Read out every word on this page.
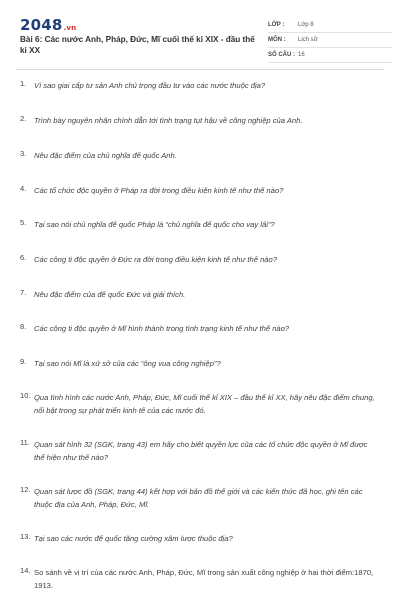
2048.vn
Bài 6: Các nước Anh, Pháp, Đức, Mĩ cuối thế kỉ XIX - đầu thế kỉ XX
LỚP :	Lớp 8
MÔN :	Lịch sử
SỐ CÂU : 16
1.	Vì sao giai cấp tư sản Anh chú trọng đầu tư vào các nước thuộc địa?
2.	Trình bày nguyên nhân chính dẫn tới tình trạng tụt hậu về công nghiệp của Anh.
3.	Nêu đặc điểm của chủ nghĩa đế quốc Anh.
4.	Các tổ chức độc quyền ở Pháp ra đời trong điều kiện kinh tế như thế nào?
5.	Tại sao nói chủ nghĩa đế quốc Pháp là “chủ nghĩa đế quốc cho vay lãi”?
6.	Các công ti độc quyền ở Đức ra đời trong điều kiện kinh tế như thế nào?
7.	Nêu đặc điểm của đế quốc Đức và giải thích.
8.	Các công ti độc quyền ở Mĩ hình thành trong tình trạng kinh tế như thế nào?
9.	Tại sao nói Mĩ là xứ sở của các “ông vua công nghiệp”?
10. Qua tình hình các nước Anh, Pháp, Đức, Mĩ cuối thế kỉ XIX – đầu thế kỉ XX, hãy nêu đặc điểm chung, nổi bật trong sự phát triển kinh tế của các nước đó.
11. Quan sát hình 32 (SGK, trang 43) em hãy cho biết quyền lực của các tổ chức độc quyền ở Mĩ được thể hiện như thế nào?
12. Quan sát lược đồ (SGK, trang 44) kết hợp với bản đồ thế giới và các kiến thức đã học, ghi tên các thuộc địa của Anh, Pháp, Đức, Mĩ.
13. Tại sao các nước đế quốc tăng cường xâm lược thuộc địa?
14. So sánh về vị trí của các nước Anh, Pháp, Đức, Mĩ trong sản xuất công nghiệp ở hai thời điểm:1870, 1913.
